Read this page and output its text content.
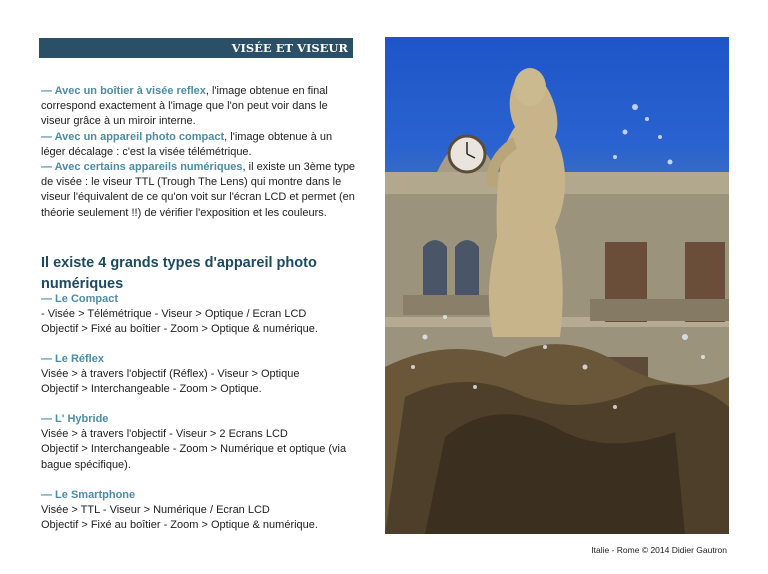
VISÉE ET VISEUR

— Avec un boîtier à visée reflex, l'image obtenue en final correspond exactement à l'image que l'on peut voir dans le viseur grâce à un miroir interne.

— Avec un appareil photo compact, l'image obtenue à un léger décalage : c'est la visée télémétrique.

— Avec certains appareils numériques, il existe un 3ème type de visée : le viseur TTL (Trough The Lens) qui montre dans le viseur l'équivalent de ce qu'on voit sur l'écran LCD et permet (en théorie seulement !!) de vérifier l'exposition et les couleurs.

Il existe 4 grands types d'appareil photo numériques
— Le Compact
- Visée > Télémétrique - Viseur > Optique / Ecran LCD
Objectif > Fixé au boîtier - Zoom > Optique & numérique.
— Le Réflex
Visée > à travers l'objectif (Réflex) - Viseur > Optique
Objectif > Interchangeable - Zoom > Optique.
— L' Hybride
Visée > à travers l'objectif - Viseur > 2 Ecrans LCD
Objectif > Interchangeable - Zoom > Numérique et optique (via bague spécifique).
— Le Smartphone
Visée > TTL - Viseur > Numérique / Ecran LCD
Objectif > Fixé au boîtier - Zoom > Optique & numérique.
Italie - Rome © 2014 Didier Gautron
